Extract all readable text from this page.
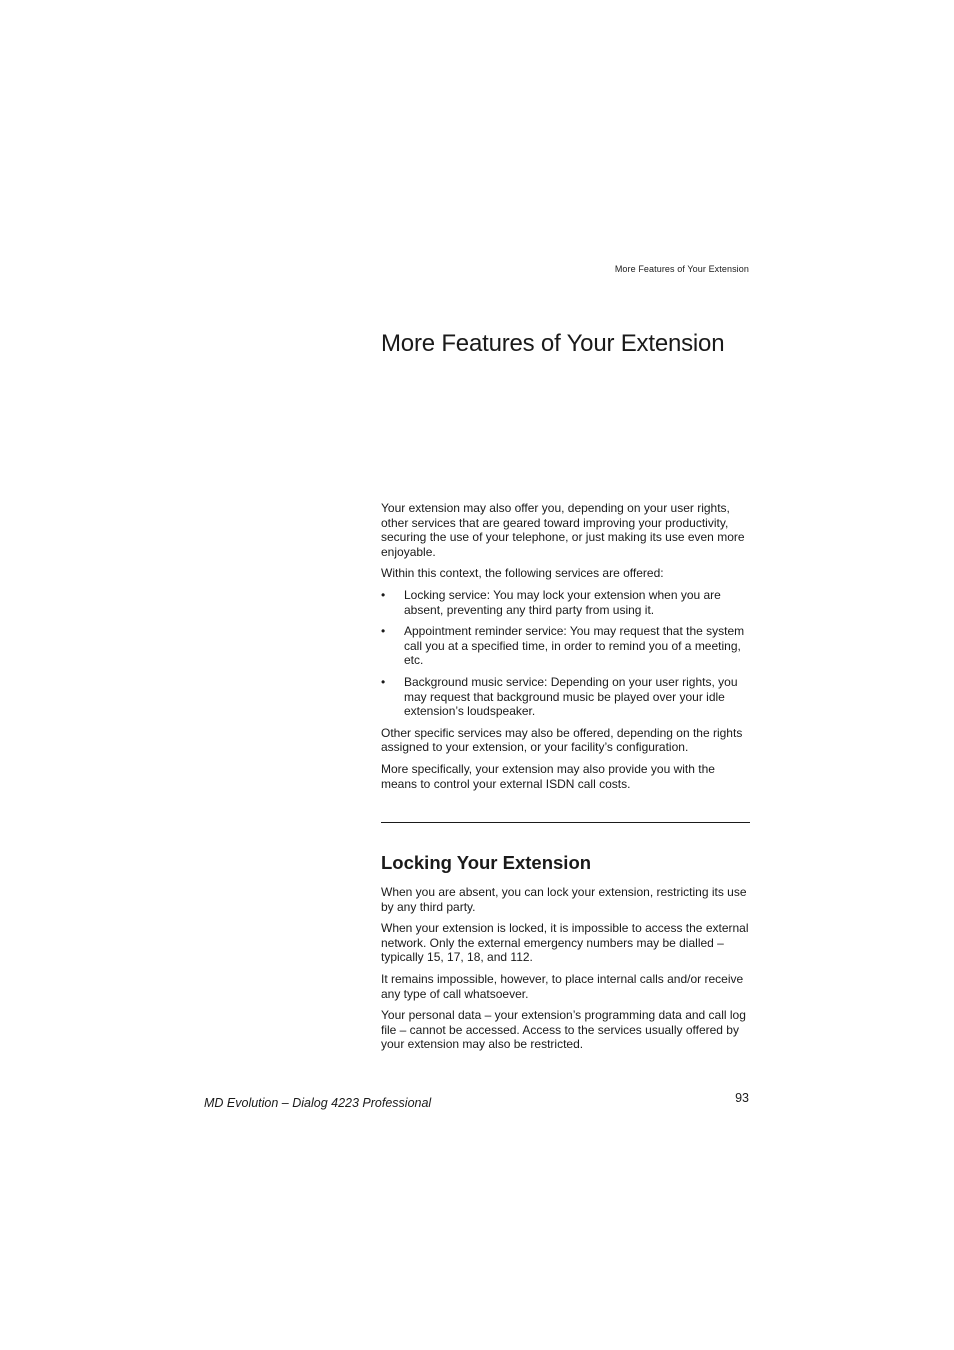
More Features of Your Extension
More Features of Your Extension

Your extension may also offer you, depending on your user rights, other services that are geared toward improving your productivity, securing the use of your telephone, or just making its use even more enjoyable.

Within this context, the following services are offered:

• Locking service: You may lock your extension when you are absent, preventing any third party from using it.
• Appointment reminder service: You may request that the system call you at a specified time, in order to remind you of a meeting, etc.
• Background music service: Depending on your user rights, you may request that background music be played over your idle extension’s loudspeaker.

Other specific services may also be offered, depending on the rights assigned to your extension, or your facility’s configuration.

More specifically, your extension may also provide you with the means to control your external ISDN call costs.

Locking Your Extension

When you are absent, you can lock your extension, restricting its use by any third party.

When your extension is locked, it is impossible to access the external network. Only the external emergency numbers may be dialled – typically 15, 17, 18, and 112.

It remains impossible, however, to place internal calls and/or receive any type of call whatsoever.

Your personal data – your extension’s programming data and call log file – cannot be accessed. Access to the services usually offered by your extension may also be restricted.

MD Evolution – Dialog 4223 Professional	93
